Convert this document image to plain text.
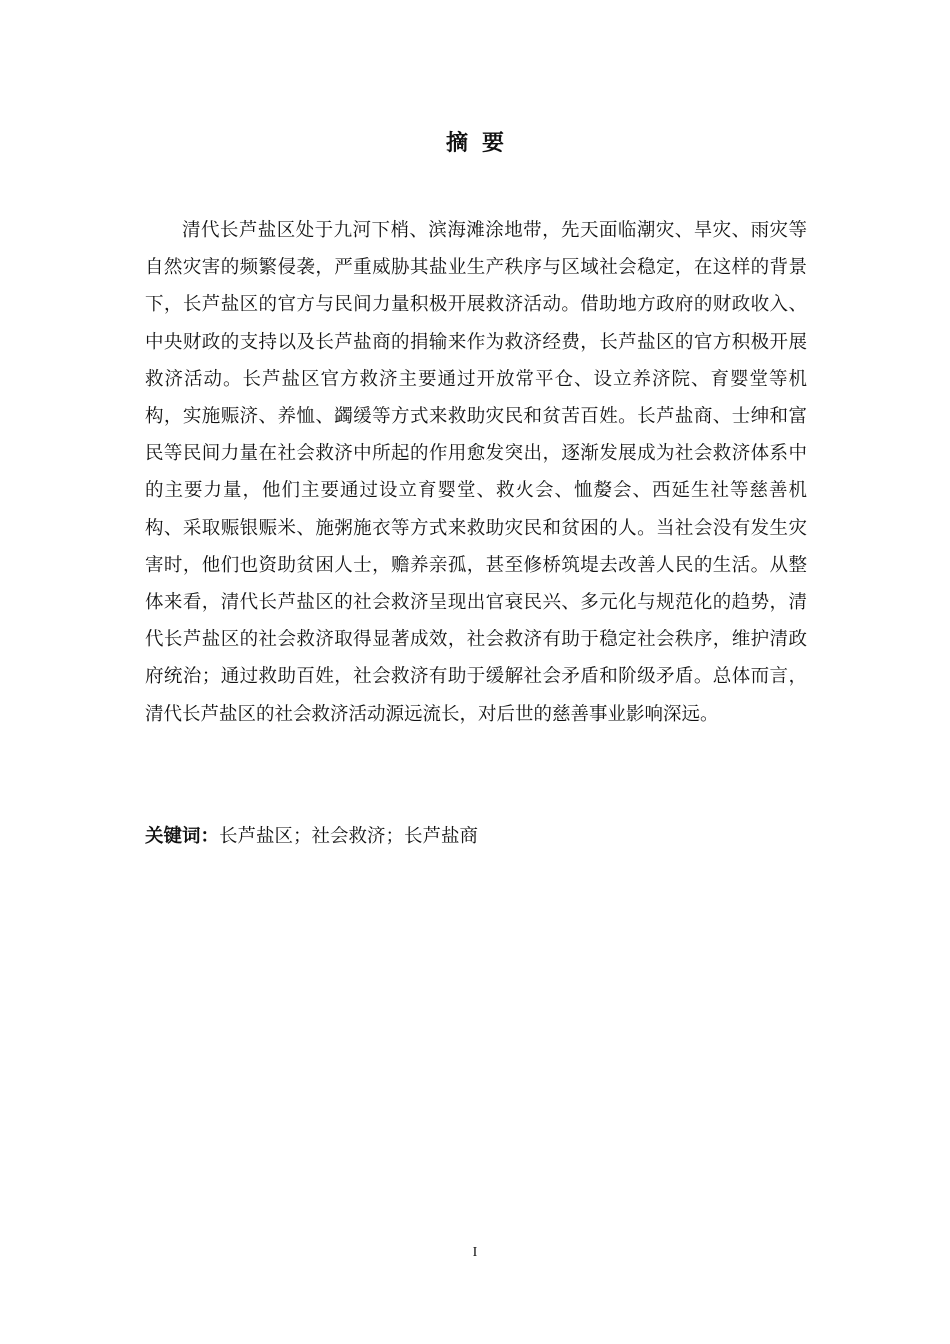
摘要

清代长芦盐区处于九河下梢、滨海滩涂地带，先天面临潮灾、旱灾、雨灾等自然灾害的频繁侵袭，严重威胁其盐业生产秩序与区域社会稳定，在这样的背景下，长芦盐区的官方与民间力量积极开展救济活动。借助地方政府的财政收入、中央财政的支持以及长芦盐商的捐输来作为救济经费，长芦盐区的官方积极开展救济活动。长芦盐区官方救济主要通过开放常平仓、设立养济院、育婴堂等机构，实施赈济、养恤、蠲缓等方式来救助灾民和贫苦百姓。长芦盐商、士绅和富民等民间力量在社会救济中所起的作用愈发突出，逐渐发展成为社会救济体系中的主要力量，他们主要通过设立育婴堂、救火会、恤嫠会、西延生社等慈善机构、采取赈银赈米、施粥施衣等方式来救助灾民和贫困的人。当社会没有发生灾害时，他们也资助贫困人士，赡养亲孤，甚至修桥筑堤去改善人民的生活。从整体来看，清代长芦盐区的社会救济呈现出官衰民兴、多元化与规范化的趋势，清代长芦盐区的社会救济取得显著成效，社会救济有助于稳定社会秩序，维护清政府统治；通过救助百姓，社会救济有助于缓解社会矛盾和阶级矛盾。总体而言，清代长芦盐区的社会救济活动源远流长，对后世的慈善事业影响深远。

关键词：长芦盐区；社会救济；长芦盐商
I
